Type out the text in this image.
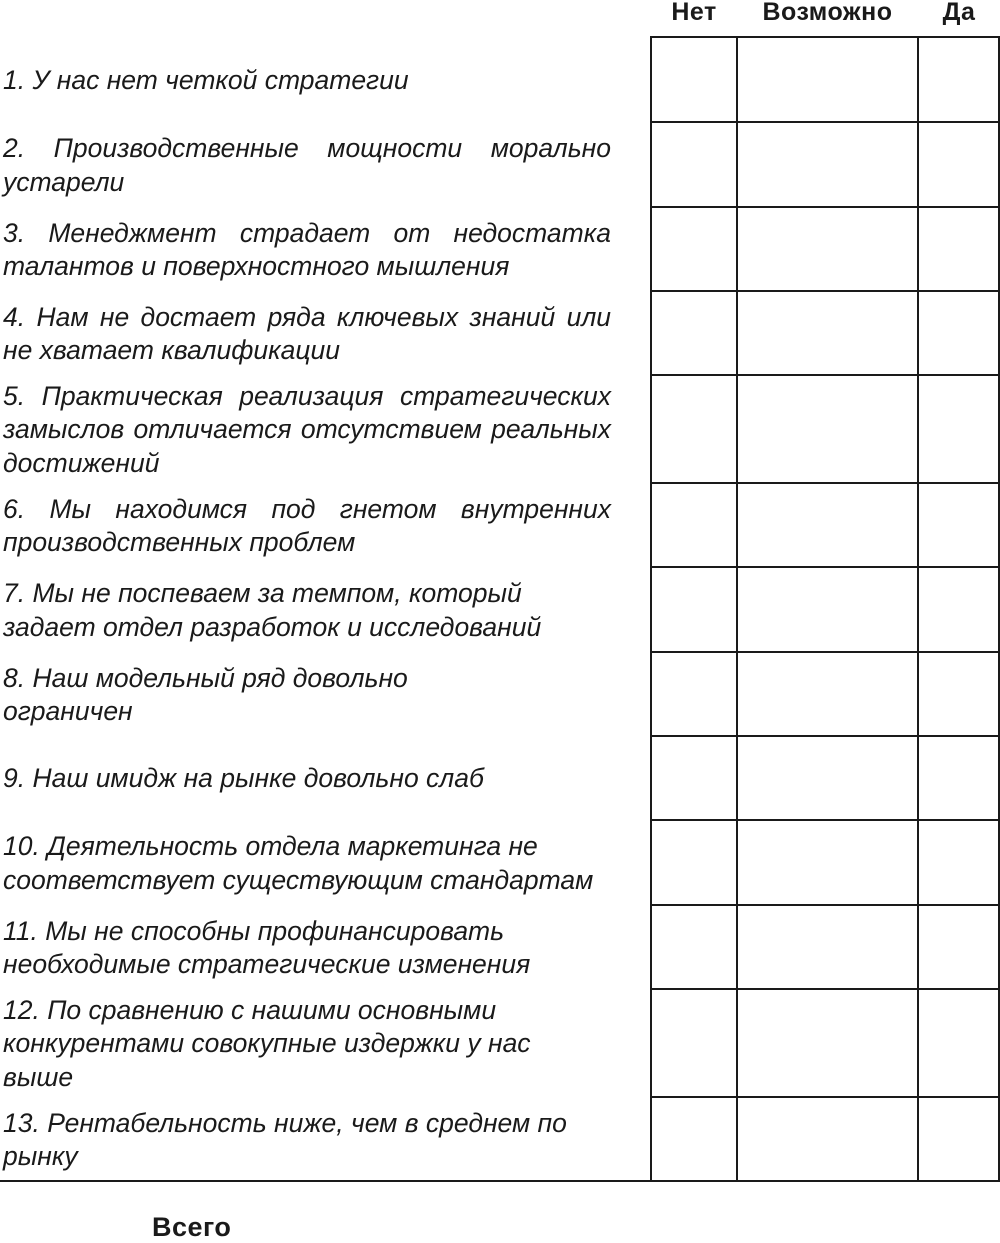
Нет	Возможно	Да
1. У нас нет четкой стратегии
2. Производственные мощности морально устарели
3. Менеджмент страдает от недостатка талантов и поверхностного мышления
4. Нам не достает ряда ключевых знаний или не хватает квалификации
5. Практическая реализация стратегических замыслов отличается отсутствием реальных достижений
6. Мы находимся под гнетом внутренних производственных проблем
7. Мы не поспеваем за темпом, который задает отдел разработок и исследований
8. Наш модельный ряд довольно ограничен
9. Наш имидж на рынке довольно слаб
10. Деятельность отдела маркетинга не соответствует существующим стандартам
11. Мы не способны профинансировать необходимые стратегические изменения
12. По сравнению с нашими основными конкурентами совокупные издержки у нас выше
13. Рентабельность ниже, чем в среднем по рынку
Всего
